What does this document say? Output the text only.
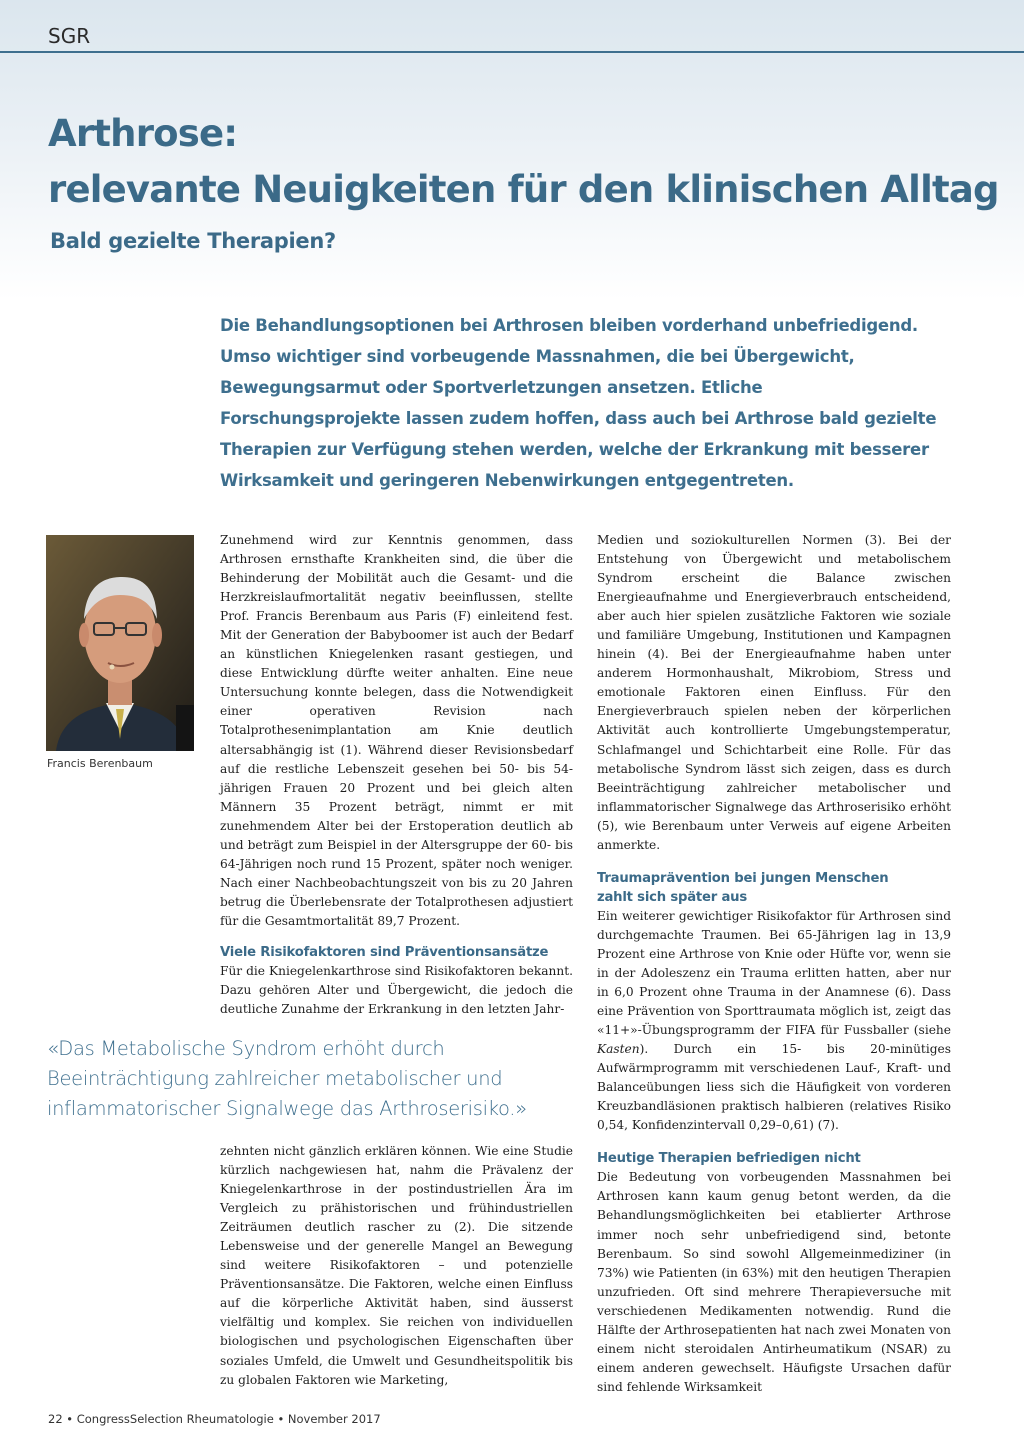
SGR
Arthrose:
relevante Neuigkeiten für den klinischen Alltag
Bald gezielte Therapien?

Die Behandlungsoptionen bei Arthrosen bleiben vorderhand unbefriedigend. Umso wichtiger sind vorbeugende Massnahmen, die bei Übergewicht, Bewegungsarmut oder Sportverletzungen ansetzen. Etliche Forschungsprojekte lassen zudem hoffen, dass auch bei Arthrose bald gezielte Therapien zur Verfügung stehen werden, welche der Erkrankung mit besserer Wirksamkeit und geringeren Nebenwirkungen entgegentreten.

Francis Berenbaum

Zunehmend wird zur Kenntnis genommen, dass Arthrosen ernsthafte Krankheiten sind, die über die Behinderung der Mobilität auch die Gesamt- und die Herzkreislaufmortalität negativ beeinflussen, stellte Prof. Francis Berenbaum aus Paris (F) einleitend fest. Mit der Generation der Babyboomer ist auch der Bedarf an künstlichen Kniegelenken rasant gestiegen, und diese Entwicklung dürfte weiter anhalten. Eine neue Untersuchung konnte belegen, dass die Notwendigkeit einer operativen Revision nach Totalprothesenimplantation am Knie deutlich altersabhängig ist (1). Während dieser Revisionsbedarf auf die restliche Lebenszeit gesehen bei 50- bis 54-jährigen Frauen 20 Prozent und bei gleich alten Männern 35 Prozent beträgt, nimmt er mit zunehmendem Alter bei der Erstoperation deutlich ab und beträgt zum Beispiel in der Altersgruppe der 60- bis 64-Jährigen noch rund 15 Prozent, später noch weniger. Nach einer Nachbeobachtungszeit von bis zu 20 Jahren betrug die Überlebensrate der Totalprothesen adjustiert für die Gesamtmortalität 89,7 Prozent.

Viele Risikofaktoren sind Präventionsansätze

Für die Kniegelenkarthrose sind Risikofaktoren bekannt. Dazu gehören Alter und Übergewicht, die jedoch die deutliche Zunahme der Erkrankung in den letzten Jahr-

«Das Metabolische Syndrom erhöht durch Beeinträchtigung zahlreicher metabolischer und inflammatorischer Signalwege das Arthroserisiko.»

zehnten nicht gänzlich erklären können. Wie eine Studie kürzlich nachgewiesen hat, nahm die Prävalenz der Kniegelenkarthrose in der postindustriellen Ära im Vergleich zu prähistorischen und frühindustriellen Zeiträumen deutlich rascher zu (2). Die sitzende Lebensweise und der generelle Mangel an Bewegung sind weitere Risikofaktoren – und potenzielle Präventionsansätze. Die Faktoren, welche einen Einfluss auf die körperliche Aktivität haben, sind äusserst vielfältig und komplex. Sie reichen von individuellen biologischen und psychologischen Eigenschaften über soziales Umfeld, die Umwelt und Gesundheitspolitik bis zu globalen Faktoren wie Marketing,

Medien und soziokulturellen Normen (3). Bei der Entstehung von Übergewicht und metabolischem Syndrom erscheint die Balance zwischen Energieaufnahme und Energieverbrauch entscheidend, aber auch hier spielen zusätzliche Faktoren wie soziale und familiäre Umgebung, Institutionen und Kampagnen hinein (4). Bei der Energieaufnahme haben unter anderem Hormonhaushalt, Mikrobiom, Stress und emotionale Faktoren einen Einfluss. Für den Energieverbrauch spielen neben der körperlichen Aktivität auch kontrollierte Umgebungstemperatur, Schlafmangel und Schichtarbeit eine Rolle. Für das metabolische Syndrom lässt sich zeigen, dass es durch Beeinträchtigung zahlreicher metabolischer und inflammatorischer Signalwege das Arthroserisiko erhöht (5), wie Berenbaum unter Verweis auf eigene Arbeiten anmerkte.

Traumaprävention bei jungen Menschen
zahlt sich später aus

Ein weiterer gewichtiger Risikofaktor für Arthrosen sind durchgemachte Traumen. Bei 65-Jährigen lag in 13,9 Prozent eine Arthrose von Knie oder Hüfte vor, wenn sie in der Adoleszenz ein Trauma erlitten hatten, aber nur in 6,0 Prozent ohne Trauma in der Anamnese (6). Dass eine Prävention von Sporttraumata möglich ist, zeigt das «11+»-Übungsprogramm der FIFA für Fussballer (siehe Kasten). Durch ein 15- bis 20-minütiges Aufwärmprogramm mit verschiedenen Lauf-, Kraft- und Balanceübungen liess sich die Häufigkeit von vorderen Kreuzbandläsionen praktisch halbieren (relatives Risiko 0,54, Konfidenzintervall 0,29–0,61) (7).

Heutige Therapien befriedigen nicht

Die Bedeutung von vorbeugenden Massnahmen bei Arthrosen kann kaum genug betont werden, da die Behandlungsmöglichkeiten bei etablierter Arthrose immer noch sehr unbefriedigend sind, betonte Berenbaum. So sind sowohl Allgemeinmediziner (in 73%) wie Patienten (in 63%) mit den heutigen Therapien unzufrieden. Oft sind mehrere Therapieversuche mit verschiedenen Medikamenten notwendig. Rund die Hälfte der Arthrosepatienten hat nach zwei Monaten von einem nicht steroidalen Antirheumatikum (NSAR) zu einem anderen gewechselt. Häufigste Ursachen dafür sind fehlende Wirksamkeit

22 • CongressSelection Rheumatologie • November 2017
